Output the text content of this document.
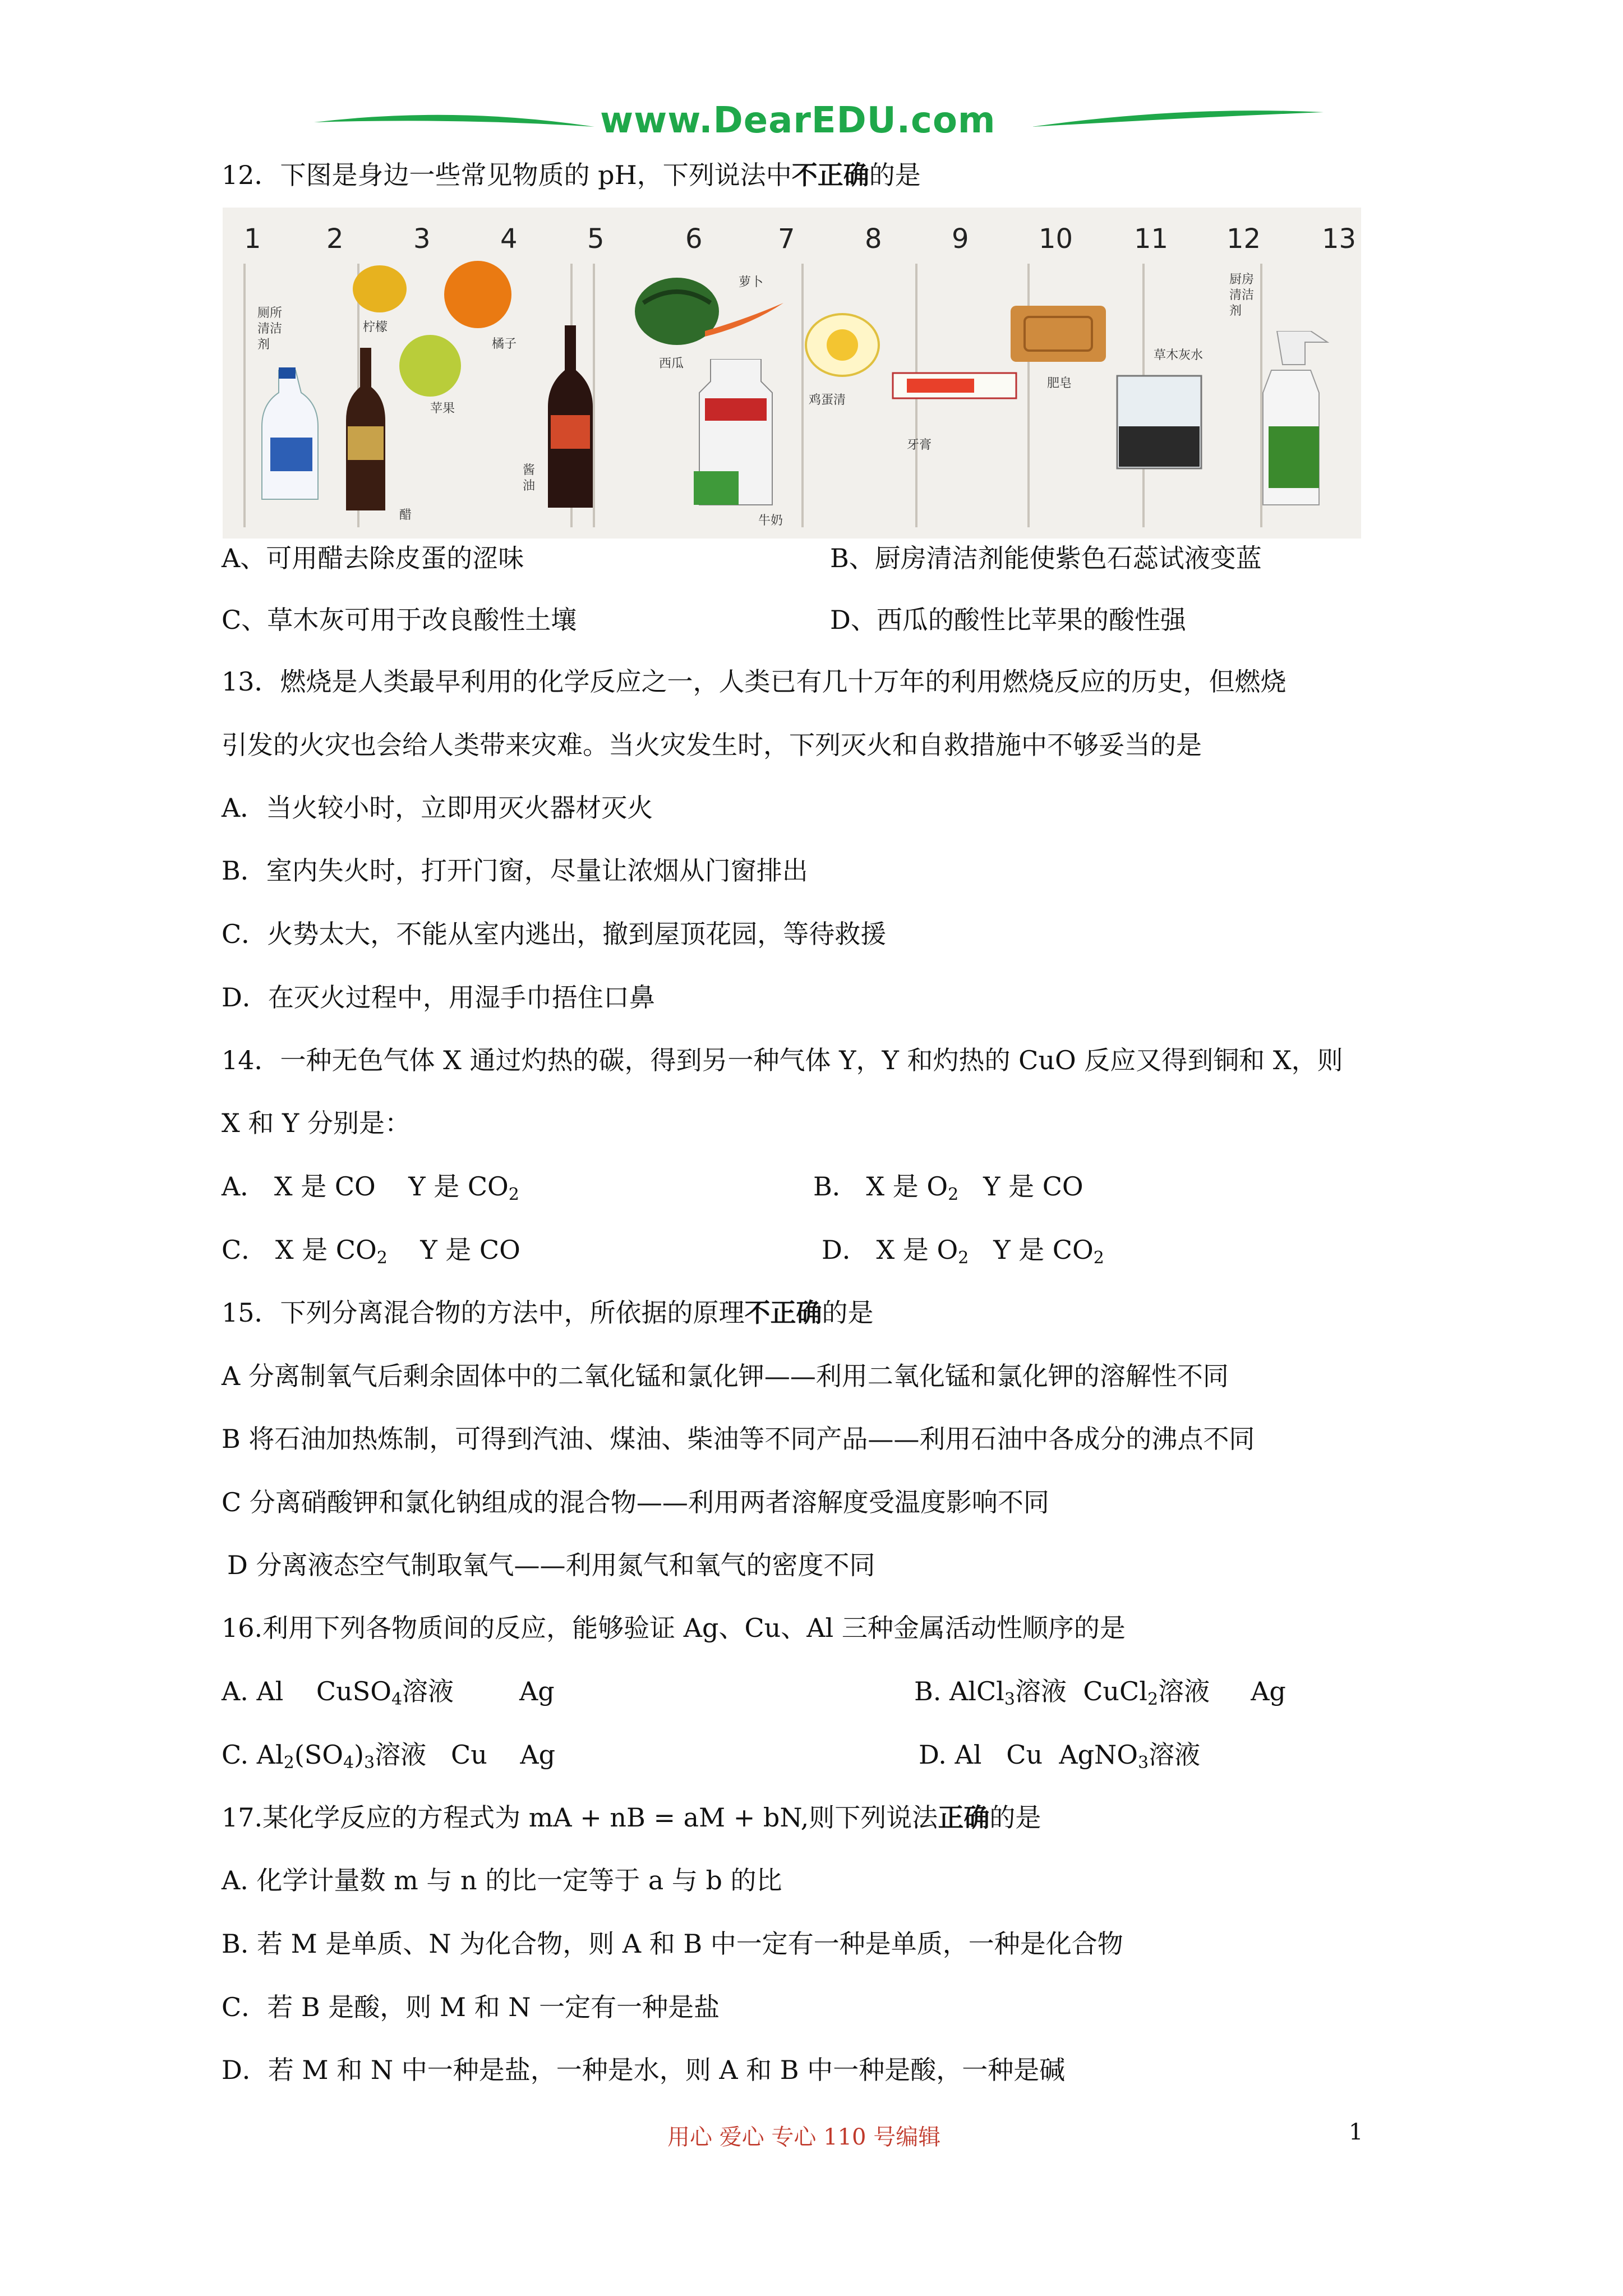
www.DearEDU.com
12．下图是身边一些常见物质的 pH，下列说法中不正确的是
1 2	3	4	5	6	7	8	9	10 11 12 13
厕所清洁剂
柠檬
醋
橘子
苹果
酱油
萝卜
西瓜
牛奶
鸡蛋清
牙膏
肥皂
草木灰水
厨房清洁剂
A、可用醋去除皮蛋的涩味	B、厨房清洁剂能使紫色石蕊试液变蓝
C、草木灰可用于改良酸性土壤	D、西瓜的酸性比苹果的酸性强
13．燃烧是人类最早利用的化学反应之一，人类已有几十万年的利用燃烧反应的历史，但燃烧
引发的火灾也会给人类带来灾难。当火灾发生时，下列灭火和自救措施中不够妥当的是
A．当火较小时，立即用灭火器材灭火
B．室内失火时，打开门窗，尽量让浓烟从门窗排出
C．火势太大，不能从室内逃出，撤到屋顶花园，等待救援
D．在灭火过程中，用湿手巾捂住口鼻
14．一种无色气体 X 通过灼热的碳，得到另一种气体 Y，Y 和灼热的 CuO 反应又得到铜和 X，则
X 和 Y 分别是：
A． X 是 CO Y 是 $CO_2$	B． X 是 $O_2$ Y 是 CO
C． X 是 $CO_2$ Y 是 CO	D． X 是 $O_2$ Y 是 $CO_2$
15．下列分离混合物的方法中，所依据的原理不正确的是
A 分离制氧气后剩余固体中的二氧化锰和氯化钾——利用二氧化锰和氯化钾的溶解性不同
B 将石油加热炼制，可得到汽油、煤油、柴油等不同产品——利用石油中各成分的沸点不同
C 分离硝酸钾和氯化钠组成的混合物——利用两者溶解度受温度影响不同
D 分离液态空气制取氧气——利用氮气和氧气的密度不同
16.利用下列各物质间的反应，能够验证 Ag、Cu、Al 三种金属活动性顺序的是
A. Al CuSO$_4$溶液	Ag	B. AlCl$_3$溶液 CuCl$_2$溶液 Ag
C. $Al_2(SO_4)_3$溶液 Cu Ag	D. Al Cu AgNO$_3$溶液
17.某化学反应的方程式为 mA + nB = aM + bN,则下列说法正确的是
A. 化学计量数 m 与 n 的比一定等于 a 与 b 的比
B. 若 M 是单质、N 为化合物，则 A 和 B 中一定有一种是单质，一种是化合物
C．若 B 是酸，则 M 和 N 一定有一种是盐
D．若 M 和 N 中一种是盐，一种是水，则 A 和 B 中一种是酸，一种是碱
用心 爱心 专心 110 号编辑	1
